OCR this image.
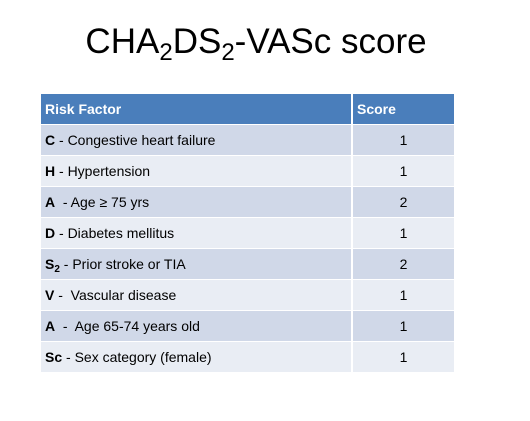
$CHA_2DS_2$-VASc score
Risk Factor	Score
C - Congestive heart failure	1
H - Hypertension	1
A  - Age ≥ 75 yrs	2
D - Diabetes mellitus	1
$S_2$ - Prior stroke or TIA	2
V -  Vascular disease	1
A  -  Age 65-74 years old	1
Sc - Sex category (female)	1
